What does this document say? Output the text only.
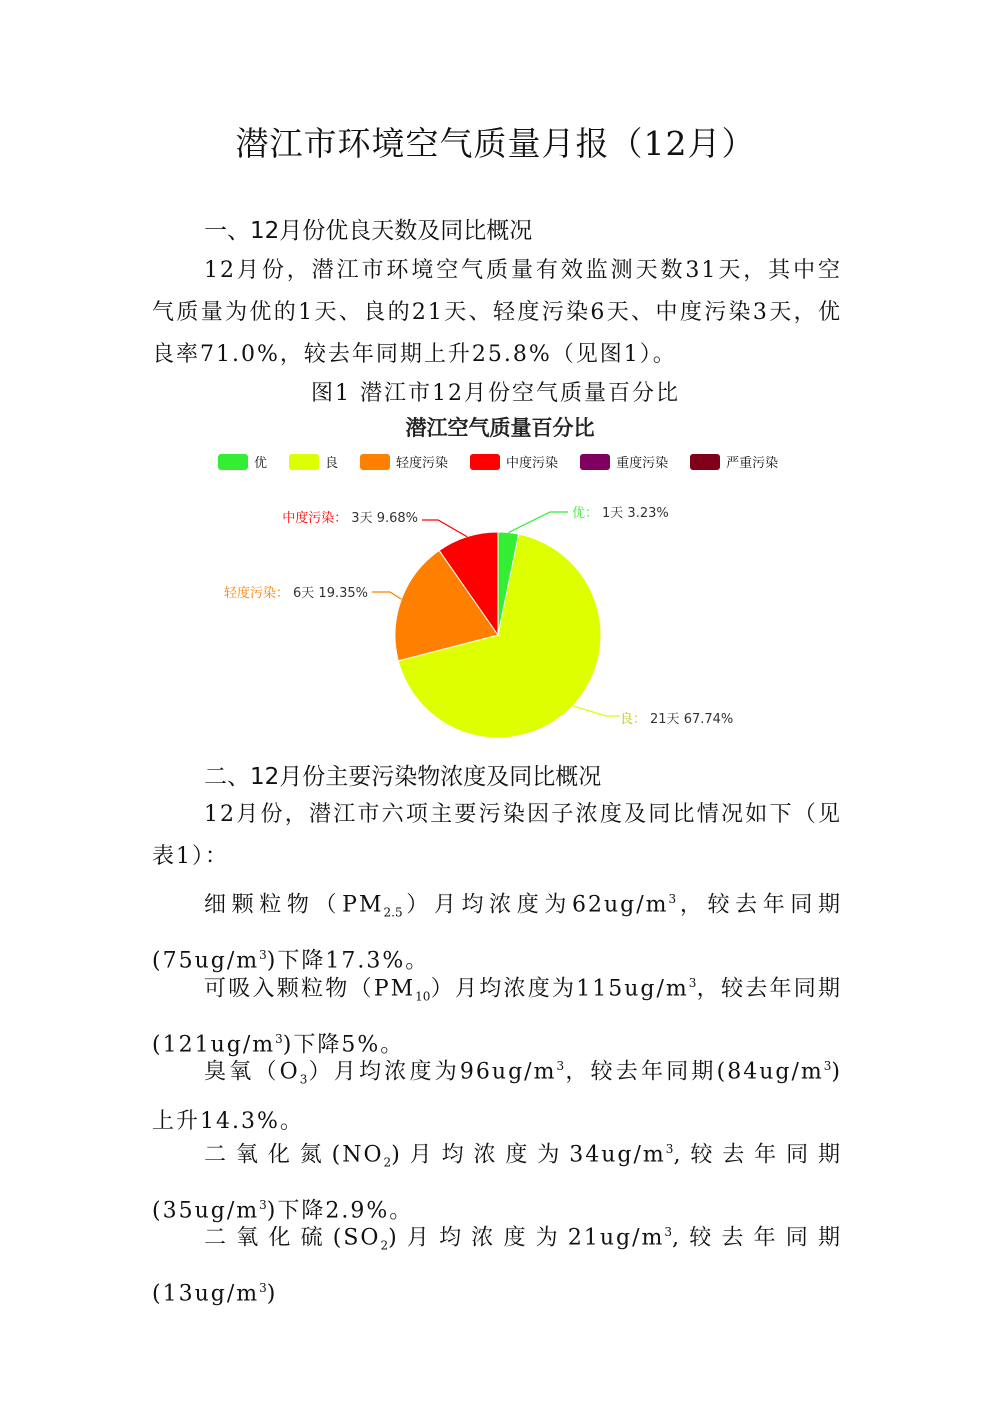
潜江市环境空气质量月报（12月）
一、12月份优良天数及同比概况
12月份，潜江市环境空气质量有效监测天数31天，其中空气质量为优的1天、良的21天、轻度污染6天、中度污染3天，优良率71.0%，较去年同期上升25.8%（见图1）。
图1 潜江市12月份空气质量百分比
潜江空气质量百分比
优	良	轻度污染	中度污染	重度污染	严重污染
优： 1天 3.23%
良： 21天 67.74%
轻度污染： 6天 19.35%
中度污染： 3天 9.68%
二、12月份主要污染物浓度及同比概况
12月份，潜江市六项主要污染因子浓度及同比情况如下（见表1）：
细颗粒物$(PM_{2.5})$月均浓度为$62ug/m^3$，较去年同期$(75ug/m^3)$下降17.3%。
可吸入颗粒物$(PM_{10})$月均浓度为$115ug/m^3$，较去年同期$(121ug/m^3)$下降5%。
臭氧$(O_3)$月均浓度为$96ug/m^3$，较去年同期$(84ug/m^3)$上升14.3%。
二氧化氮$(NO_2)$月均浓度为$34ug/m^3$,较去年同期$(35ug/m^3)$下降2.9%。
二氧化硫$(SO_2)$月均浓度为$21ug/m^3$,较去年同期$(13ug/m^3)$
